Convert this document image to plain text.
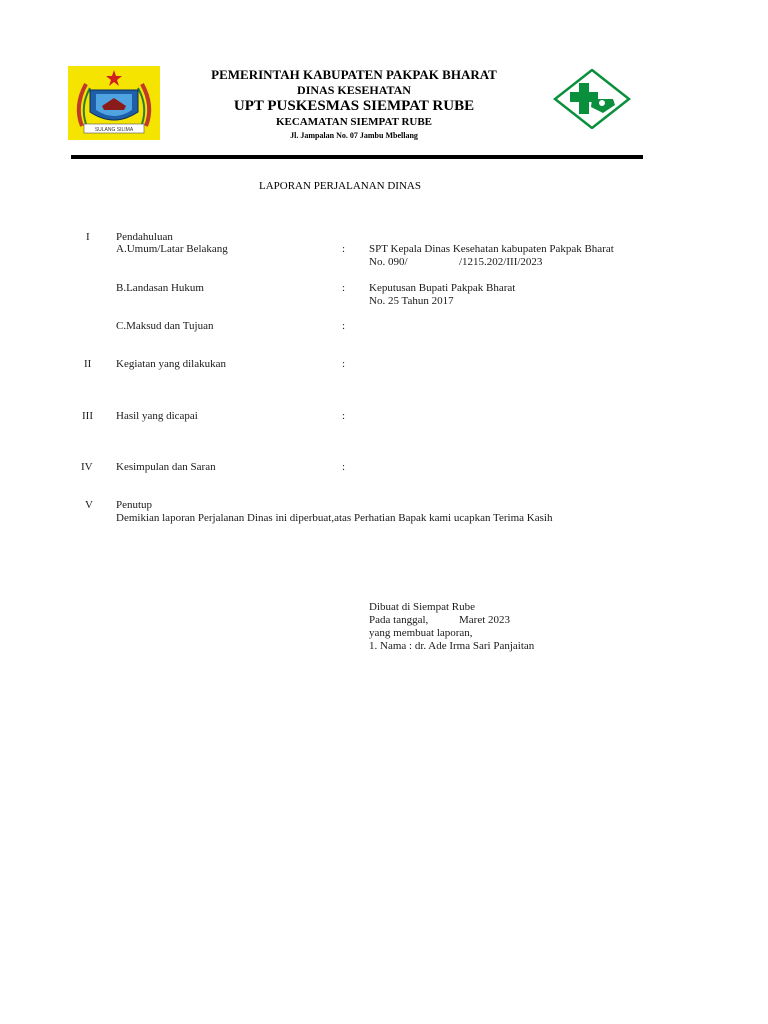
SULANG SILIMA
PEMERINTAH KABUPATEN PAKPAK BHARAT
DINAS KESEHATAN
UPT PUSKESMAS SIEMPAT RUBE
KECAMATAN SIEMPAT RUBE
Jl. Jampalan No. 07 Jambu Mbellang
LAPORAN PERJALANAN DINAS
I Pendahuluan
A.Umum/Latar Belakang	: SPT Kepala Dinas Kesehatan kabupaten Pakpak Bharat
No. 090/	/1215.202/III/2023
B.Landasan Hukum	: Keputusan Bupati Pakpak Bharat
No. 25 Tahun 2017
C.Maksud dan Tujuan	:
II Kegiatan yang dilakukan	:
III Hasil yang dicapai	:
IV Kesimpulan dan Saran	:
V Penutup
Demikian laporan Perjalanan Dinas ini diperbuat,atas Perhatian Bapak kami ucapkan Terima Kasih
Dibuat di Siempat Rube
Pada tanggal,	Maret 2023
yang membuat laporan,
1. Nama : dr. Ade Irma Sari Panjaitan
